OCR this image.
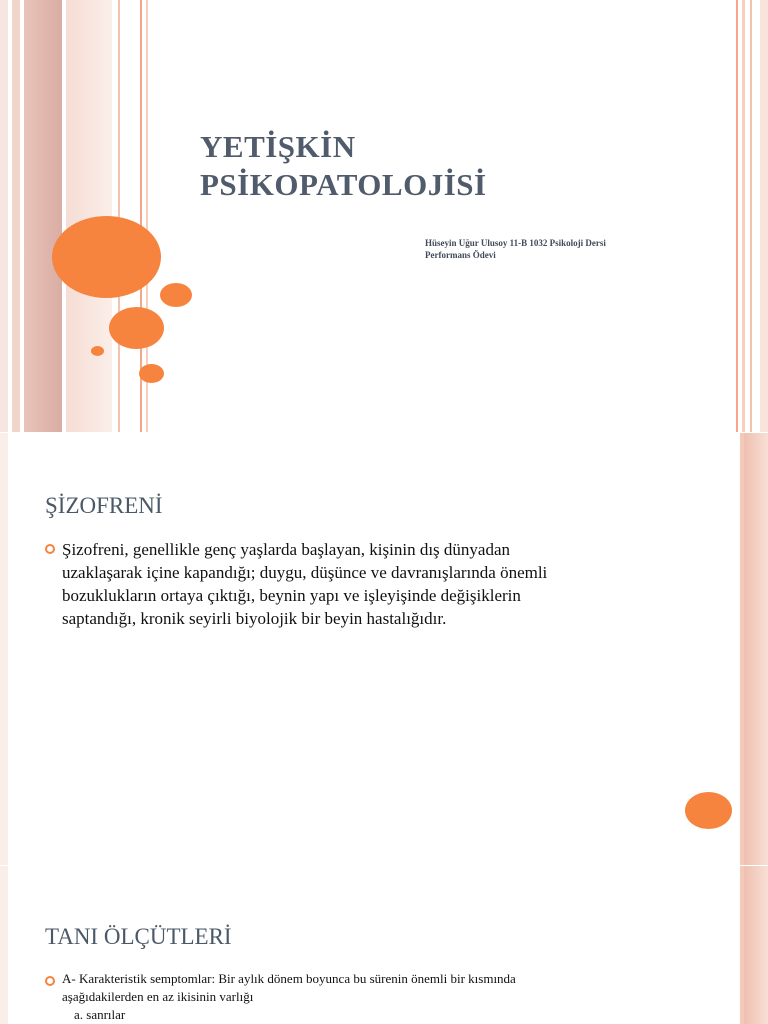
YETİŞKİN
PSİKOPATOLOJİSİ

Hüseyin Uğur Ulusoy 11-B 1032 Psikoloji Dersi
Performans Ödevi

ŞİZOFRENİ
Şizofreni, genellikle genç yaşlarda başlayan, kişinin dış dünyadan
uzaklaşarak içine kapandığı; duygu, düşünce ve davranışlarında önemli
bozuklukların ortaya çıktığı, beynin yapı ve işleyişinde değişiklerin
saptandığı, kronik seyirli biyolojik bir beyin hastalığıdır.
TANI ÖLÇÜTLERİ
A- Karakteristik semptomlar: Bir aylık dönem boyunca bu sürenin önemli bir kısmında
aşağıdakilerden en az ikisinin varlığı
a. sanrılar
